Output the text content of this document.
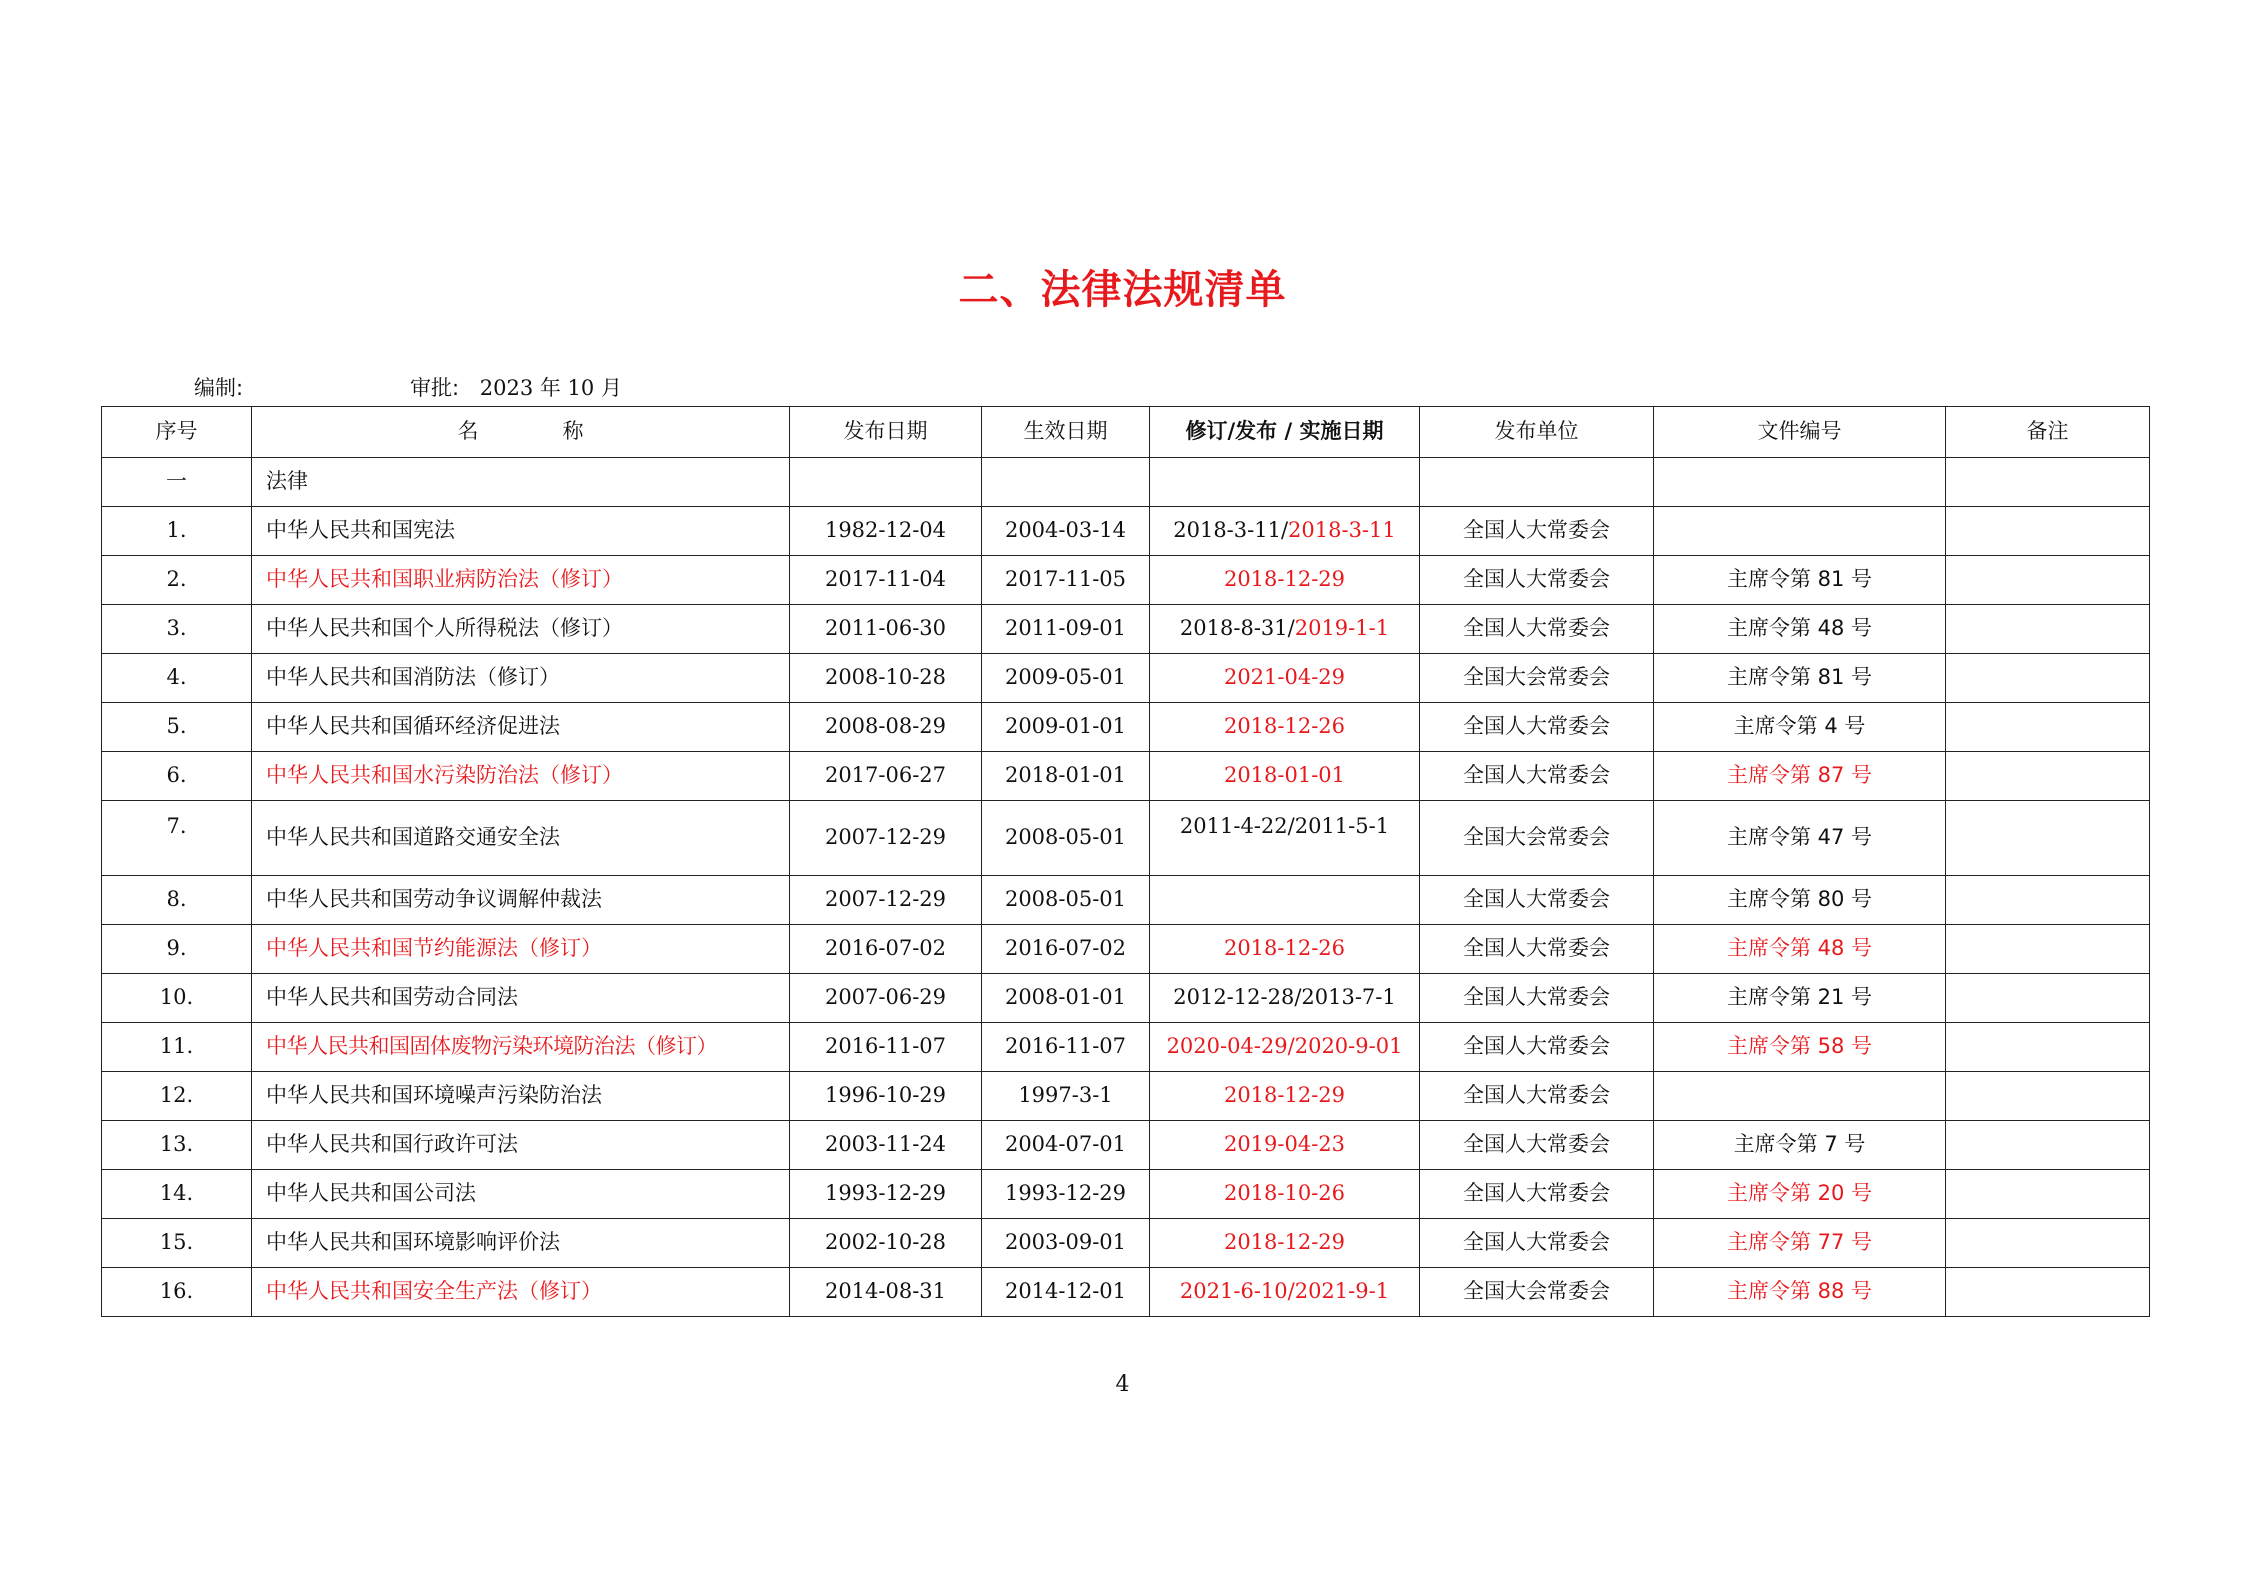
二、法律法规清单
编制:	审批: 2023 年 10 月
序号	名　　　　称	发布日期	生效日期	修订/发布 / 实施日期	发布单位	文件编号	备注
一	法律						
1.	中华人民共和国宪法	1982-12-04	2004-03-14	2018-3-11/2018-3-11	全国人大常委会		
2.	中华人民共和国职业病防治法（修订）	2017-11-04	2017-11-05	2018-12-29	全国人大常委会	主席令第 81 号	
3.	中华人民共和国个人所得税法（修订）	2011-06-30	2011-09-01	2018-8-31/2019-1-1	全国人大常委会	主席令第 48 号	
4.	中华人民共和国消防法（修订）	2008-10-28	2009-05-01	2021-04-29	全国大会常委会	主席令第 81 号	
5.	中华人民共和国循环经济促进法	2008-08-29	2009-01-01	2018-12-26	全国人大常委会	主席令第 4 号	
6.	中华人民共和国水污染防治法（修订）	2017-06-27	2018-01-01	2018-01-01	全国人大常委会	主席令第 87 号	
7.	中华人民共和国道路交通安全法	2007-12-29	2008-05-01	2011-4-22/2011-5-1	全国大会常委会	主席令第 47 号	
8.	中华人民共和国劳动争议调解仲裁法	2007-12-29	2008-05-01		全国人大常委会	主席令第 80 号	
9.	中华人民共和国节约能源法（修订）	2016-07-02	2016-07-02	2018-12-26	全国人大常委会	主席令第 48 号	
10.	中华人民共和国劳动合同法	2007-06-29	2008-01-01	2012-12-28/2013-7-1	全国人大常委会	主席令第 21 号	
11.	中华人民共和国固体废物污染环境防治法（修订）	2016-11-07	2016-11-07	2020-04-29/2020-9-01	全国人大常委会	主席令第 58 号	
12.	中华人民共和国环境噪声污染防治法	1996-10-29	1997-3-1	2018-12-29	全国人大常委会		
13.	中华人民共和国行政许可法	2003-11-24	2004-07-01	2019-04-23	全国人大常委会	主席令第 7 号	
14.	中华人民共和国公司法	1993-12-29	1993-12-29	2018-10-26	全国人大常委会	主席令第 20 号	
15.	中华人民共和国环境影响评价法	2002-10-28	2003-09-01	2018-12-29	全国人大常委会	主席令第 77 号	
16.	中华人民共和国安全生产法（修订）	2014-08-31	2014-12-01	2021-6-10/2021-9-1	全国大会常委会	主席令第 88 号	
4
